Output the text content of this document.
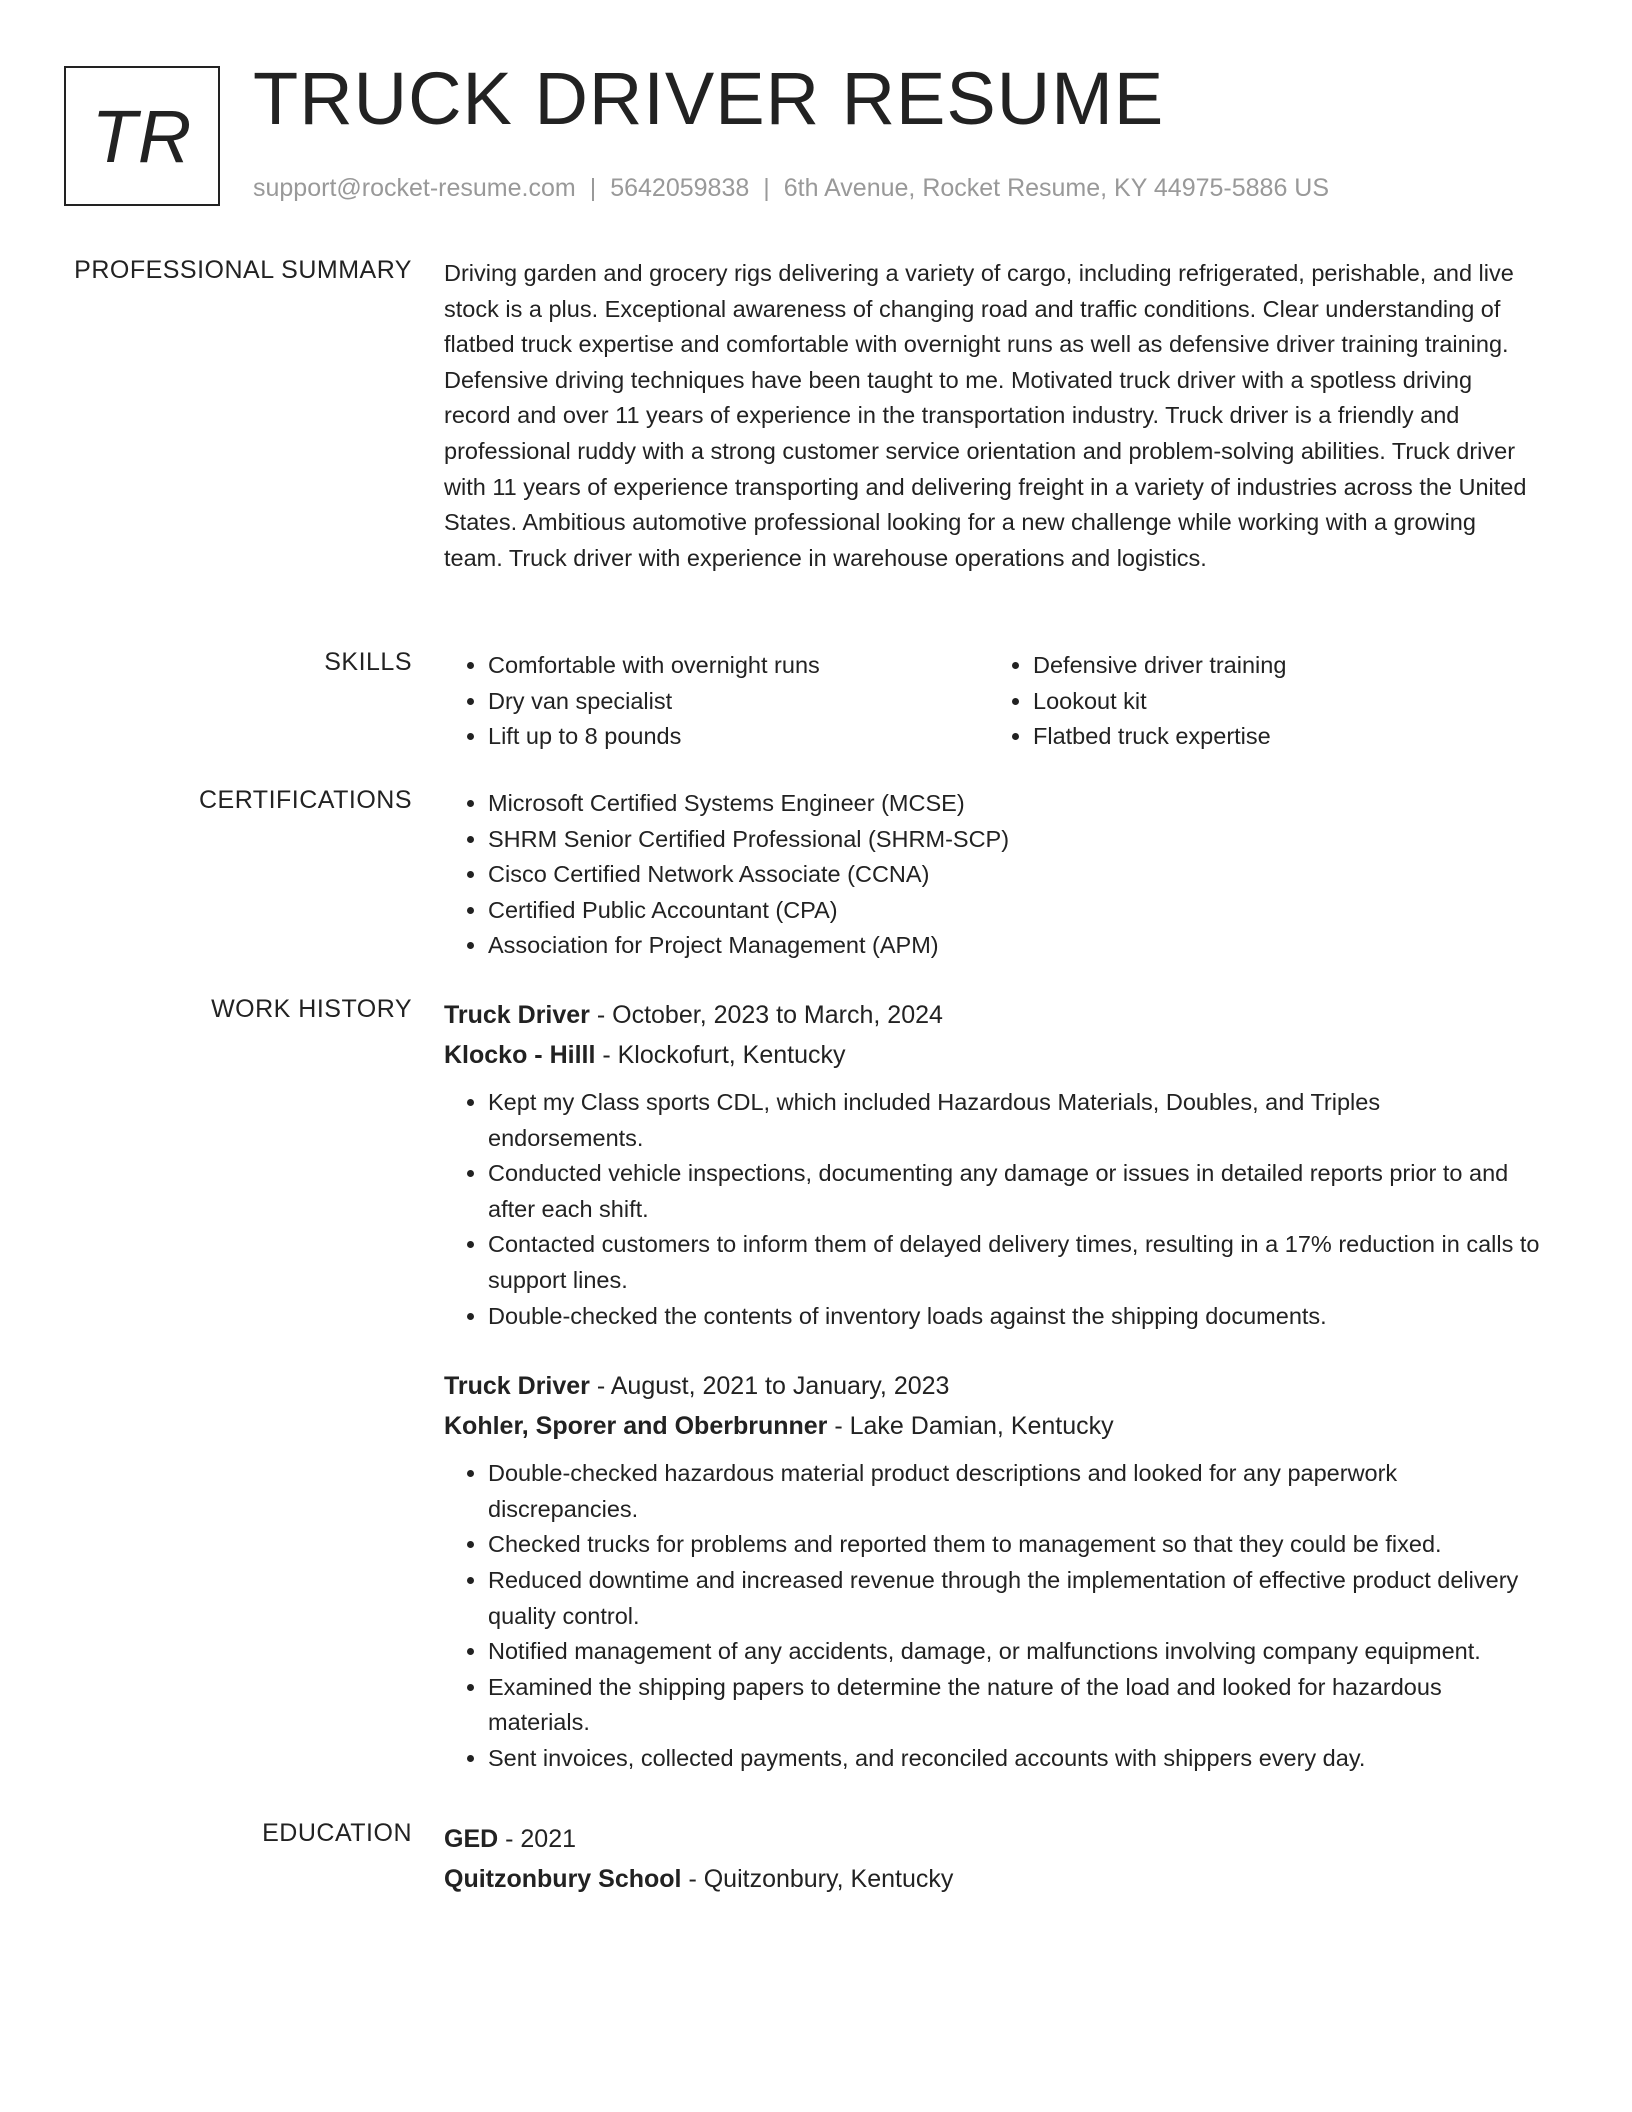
TR TRUCK DRIVER RESUME
support@rocket-resume.com | 5642059838 | 6th Avenue, Rocket Resume, KY 44975-5886 US
PROFESSIONAL SUMMARY Driving garden and grocery rigs delivering a variety of cargo, including refrigerated, perishable, and live stock is a plus. Exceptional awareness of changing road and traffic conditions. Clear understanding of flatbed truck expertise and comfortable with overnight runs as well as defensive driver training training. Defensive driving techniques have been taught to me. Motivated truck driver with a spotless driving record and over 11 years of experience in the transportation industry. Truck driver is a friendly and professional ruddy with a strong customer service orientation and problem-solving abilities. Truck driver with 11 years of experience transporting and delivering freight in a variety of industries across the United States. Ambitious automotive professional looking for a new challenge while working with a growing team. Truck driver with experience in warehouse operations and logistics.

SKILLS	• Comfortable with overnight runs
• Dry van specialist
• Lift up to 8 pounds
• Defensive driver training
• Lookout kit
• Flatbed truck expertise
CERTIFICATIONS	• Microsoft Certified Systems Engineer (MCSE)
• SHRM Senior Certified Professional (SHRM-SCP)
• Cisco Certified Network Associate (CCNA)
• Certified Public Accountant (CPA)
• Association for Project Management (APM)
WORK HISTORY Truck Driver - October, 2023 to March, 2024
Klocko - Hilll - Klockofurt, Kentucky
• Kept my Class sports CDL, which included Hazardous Materials, Doubles, and Triples endorsements.
• Conducted vehicle inspections, documenting any damage or issues in detailed reports prior to and after each shift.
• Contacted customers to inform them of delayed delivery times, resulting in a 17% reduction in calls to support lines.
• Double-checked the contents of inventory loads against the shipping documents.
Truck Driver - August, 2021 to January, 2023
Kohler, Sporer and Oberbrunner - Lake Damian, Kentucky
• Double-checked hazardous material product descriptions and looked for any paperwork discrepancies.
• Checked trucks for problems and reported them to management so that they could be fixed.
• Reduced downtime and increased revenue through the implementation of effective product delivery quality control.
• Notified management of any accidents, damage, or malfunctions involving company equipment.
• Examined the shipping papers to determine the nature of the load and looked for hazardous materials.
• Sent invoices, collected payments, and reconciled accounts with shippers every day.
EDUCATION GED - 2021
Quitzonbury School - Quitzonbury, Kentucky
